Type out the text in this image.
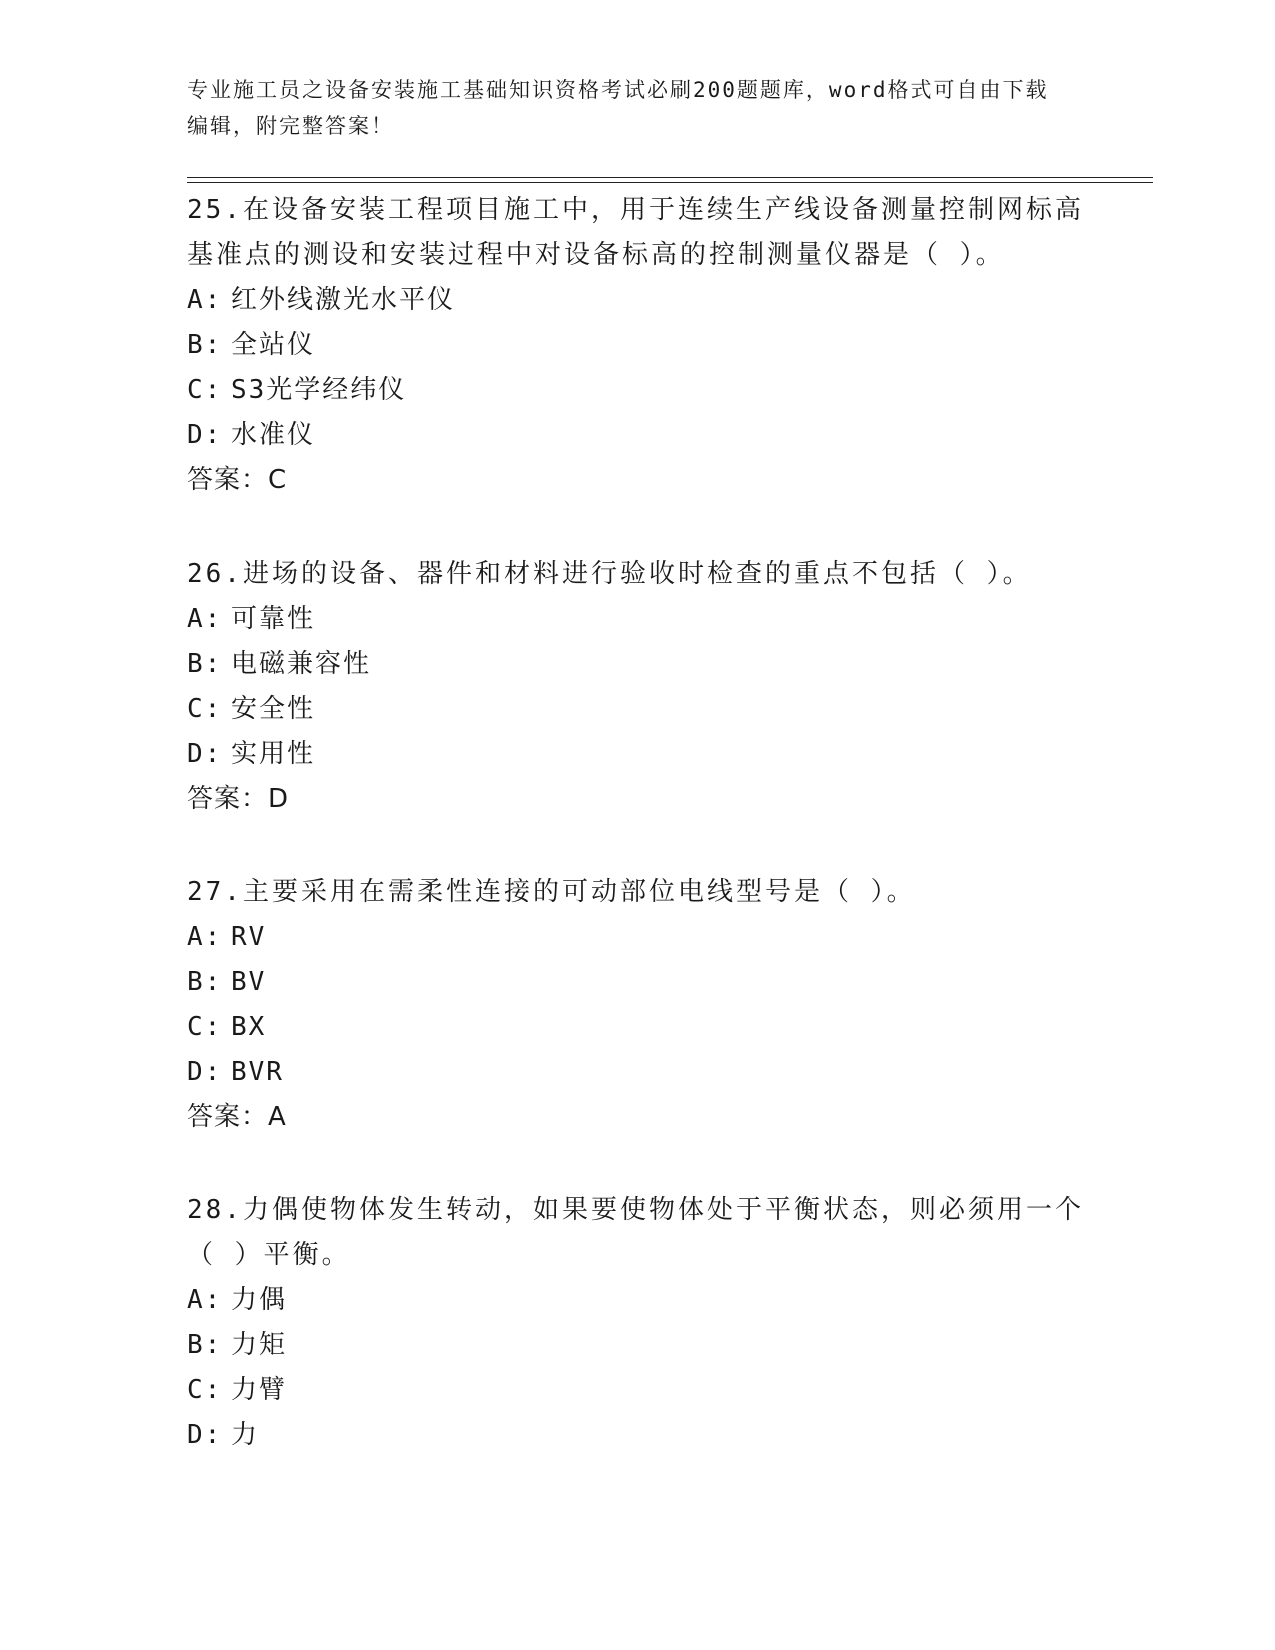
专业施工员之设备安装施工基础知识资格考试必刷200题题库，word格式可自由下载编辑，附完整答案！

25.在设备安装工程项目施工中，用于连续生产线设备测量控制网标高基准点的测设和安装过程中对设备标高的控制测量仪器是（ ）。

A: 红外线激光水平仪

B: 全站仪

C: S3光学经纬仪

D: 水准仪

答案：C

26.进场的设备、器件和材料进行验收时检查的重点不包括（ ）。

A: 可靠性

B: 电磁兼容性

C: 安全性

D: 实用性

答案：D

27.主要采用在需柔性连接的可动部位电线型号是（ ）。

A: RV

B: BV

C: BX

D: BVR

答案：A

28.力偶使物体发生转动，如果要使物体处于平衡状态，则必须用一个（ ）平衡。

A: 力偶

B: 力矩

C: 力臂

D: 力
